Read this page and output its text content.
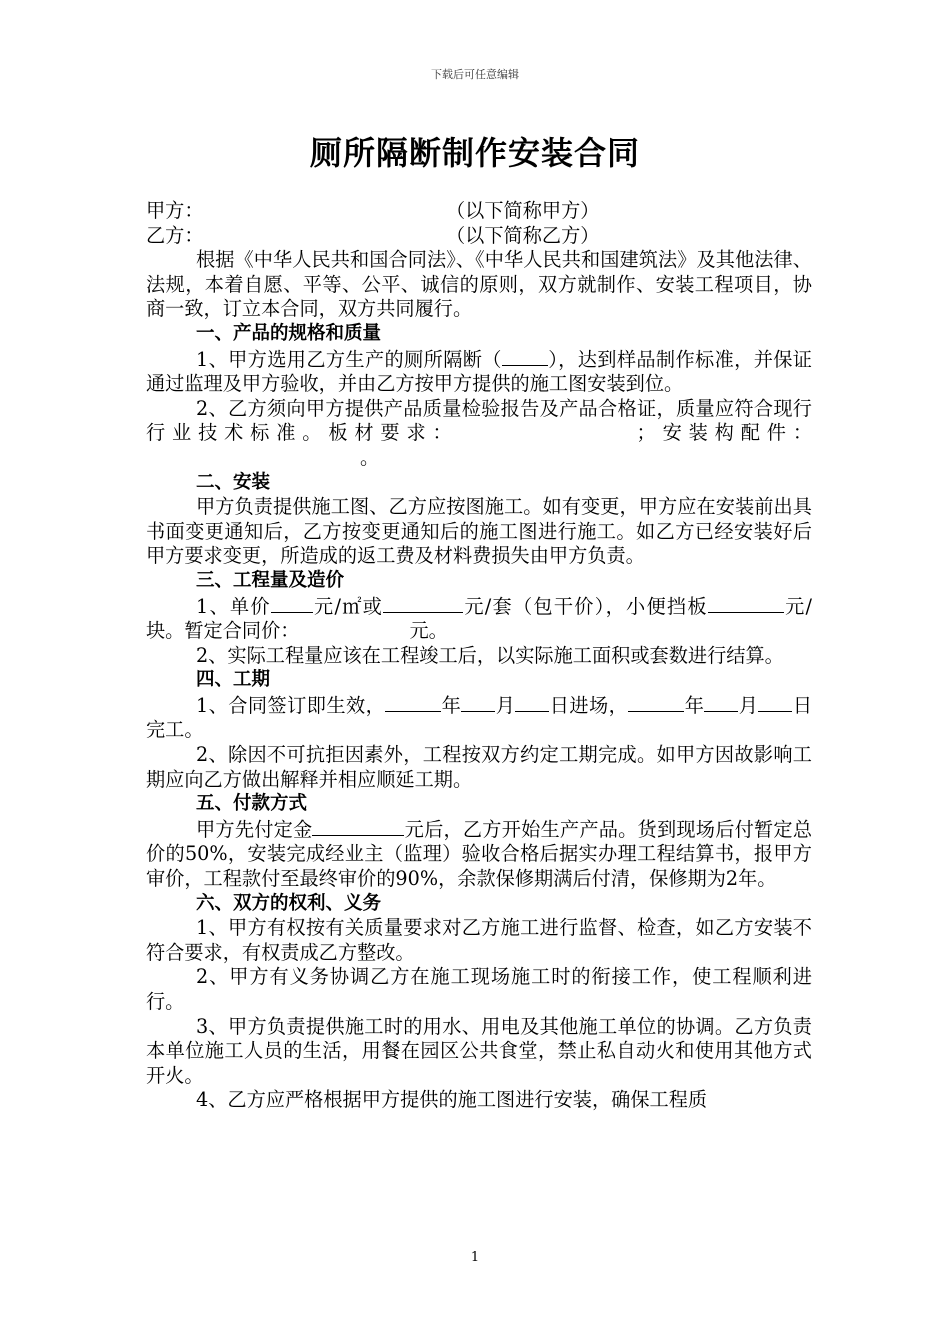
下载后可任意编辑
厕所隔断制作安装合同

甲方：	（以下简称甲方）

乙方：	（以下简称乙方）

根据《中华人民共和国合同法》、《中华人民共和国建筑法》及其他法律、法规，本着自愿、平等、公平、诚信的原则，双方就制作、安装工程项目，协商一致，订立本合同，双方共同履行。

一、产品的规格和质量

1、甲方选用乙方生产的厕所隔断（ ），达到样品制作标准，并保证通过监理及甲方验收，并由乙方按甲方提供的施工图安装到位。

2、乙方须向甲方提供产品质量检验报告及产品合格证，质量应符合现行行业技术标准。板材要求：	；安装构配件：。

二、安装

甲方负责提供施工图、乙方应按图施工。如有变更，甲方应在安装前出具书面变更通知后，乙方按变更通知后的施工图进行施工。如乙方已经安装好后甲方要求变更，所造成的返工费及材料费损失由甲方负责。

三、工程量及造价

1、单价 元/㎡或	元/套（包干价），小便挡板	元/块。暂定合同价：	元。

2、实际工程量应该在工程竣工后，以实际施工面积或套数进行结算。

四、工期

1、合同签订即生效，	年 月 日进场，	年 月 日完工。

2、除因不可抗拒因素外，工程按双方约定工期完成。如甲方因故影响工期应向乙方做出解释并相应顺延工期。

五、付款方式

甲方先付定金	元后，乙方开始生产产品。货到现场后付暂定总价的50%，安装完成经业主（监理）验收合格后据实办理工程结算书，报甲方审价，工程款付至最终审价的90%，余款保修期满后付清，保修期为2年。

六、双方的权利、义务

1、甲方有权按有关质量要求对乙方施工进行监督、检查，如乙方安装不符合要求，有权责成乙方整改。

2、甲方有义务协调乙方在施工现场施工时的衔接工作，使工程顺利进行。

3、甲方负责提供施工时的用水、用电及其他施工单位的协调。乙方负责本单位施工人员的生活，用餐在园区公共食堂，禁止私自动火和使用其他方式开火。

4、乙方应严格根据甲方提供的施工图进行安装，确保工程质

1
